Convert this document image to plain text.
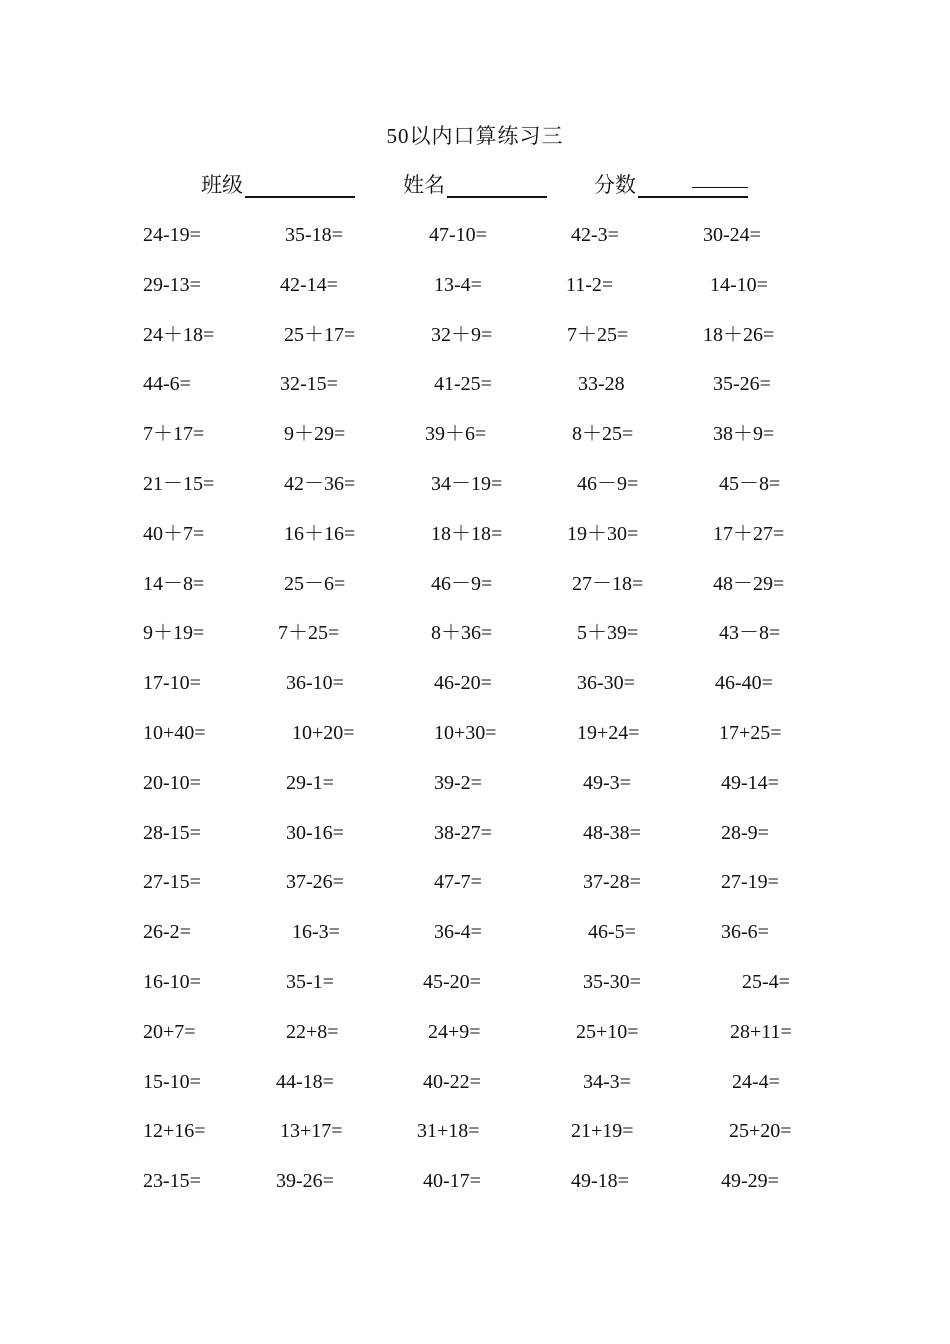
50以内口算练习三
班级	姓名	分数
24-19=	35-18=	47-10=	42-3=	30-24=
29-13=	42-14=	13-4=	11-2=	14-10=
24＋18=	25＋17=	32＋9=	7＋25=	18＋26=
44-6=	32-15=	41-25=	33-28	35-26=
7＋17=	9＋29=	39＋6=	8＋25=	38＋9=
21－15=	42－36=	34－19=	46－9=	45－8=
40＋7=	16＋16=	18＋18=	19＋30=	17＋27=
14－8=	25－6=	46－9=	27－18=	48－29=
9＋19=	7＋25=	8＋36=	5＋39=	43－8=
17-10=	36-10=	46-20=	36-30=	46-40=
10+40=	10+20=	10+30=	19+24=	17+25=
20-10=	29-1=	39-2=	49-3=	49-14=
28-15=	30-16=	38-27=	48-38=	28-9=
27-15=	37-26=	47-7=	37-28=	27-19=
26-2=	16-3=	36-4=	46-5=	36-6=
16-10=	35-1=	45-20=	35-30=	25-4=
20+7=	22+8=	24+9=	25+10=	28+11=
15-10=	44-18=	40-22=	34-3=	24-4=
12+16=	13+17=	31+18=	21+19=	25+20=
23-15=	39-26=	40-17=	49-18=	49-29=
